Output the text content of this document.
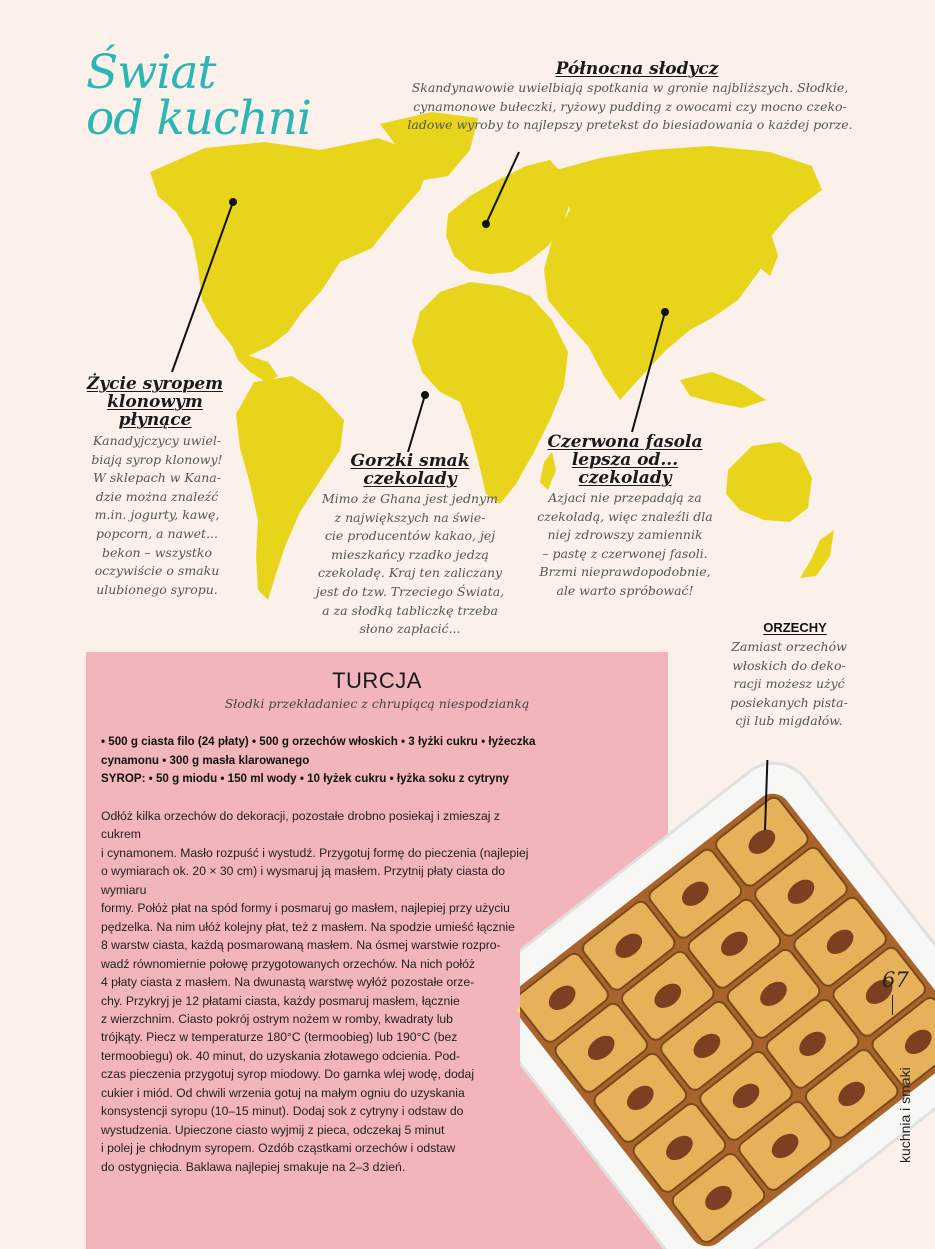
Świat
od kuchni
Północna słodycz
Skandynawowie uwielbiają spotkania w gronie najbliższych. Słodkie,
cynamonowe bułeczki, ryżowy pudding z owocami czy mocno czeko-
ladowe wyroby to najlepszy pretekst do biesiadowania o każdej porze.
Życie syropem
klonowym
płynące
Kanadyjczycy uwiel-
biają syrop klonowy!
W sklepach w Kana-
dzie można znaleźć
m.in. jogurty, kawę,
popcorn, a nawet...
bekon – wszystko
oczywiście o smaku
ulubionego syropu.
Gorzki smak
czekolady
Mimo że Ghana jest jednym
z największych na świe-
cie producentów kakao, jej
mieszkańcy rzadko jedzą
czekoladę. Kraj ten zaliczany
jest do tzw. Trzeciego Świata,
a za słodką tabliczkę trzeba
słono zapłacić...
Czerwona fasola
lepsza od...
czekolady
Azjaci nie przepadają za
czekoladą, więc znaleźli dla
niej zdrowszy zamiennik
– pastę z czerwonej fasoli.
Brzmi nieprawdopodobnie,
ale warto spróbować!
TURCJA
Słodki przekładaniec z chrupiącą niespodzianką

• 500 g ciasta filo (24 płaty) • 500 g orzechów włoskich • 3 łyżki cukru • łyżeczka

cynamonu • 300 g masła klarowanego

SYROP: • 50 g miodu • 150 ml wody • 10 łyżek cukru • łyżka soku z cytryny

Odłóż kilka orzechów do dekoracji, pozostałe drobno posiekaj i zmieszaj z cukrem
i cynamonem. Masło rozpuść i wystudź. Przygotuj formę do pieczenia (najlepiej
o wymiarach ok. 20 × 30 cm) i wysmaruj ją masłem. Przytnij płaty ciasta do wymiaru
formy. Połóż płat na spód formy i posmaruj go masłem, najlepiej przy użyciu
pędzelka. Na nim ułóż kolejny płat, też z masłem. Na spodzie umieść łącznie
8 warstw ciasta, każdą posmarowaną masłem. Na ósmej warstwie rozpro-
wadź równomiernie połowę przygotowanych orzechów. Na nich połóż
4 płaty ciasta z masłem. Na dwunastą warstwę wyłóż pozostałe orze-
chy. Przykryj je 12 płatami ciasta, każdy posmaruj masłem, łącznie
z wierzchnim. Ciasto pokrój ostrym nożem w romby, kwadraty lub
trójkąty. Piecz w temperaturze 180°C (termoobieg) lub 190°C (bez
termoobiegu) ok. 40 minut, do uzyskania złotawego odcienia. Pod-
czas pieczenia przygotuj syrop miodowy. Do garnka wlej wodę, dodaj
cukier i miód. Od chwili wrzenia gotuj na małym ogniu do uzyskania
konsystencji syropu (10–15 minut). Dodaj sok z cytryny i odstaw do
wystudzenia. Upieczone ciasto wyjmij z pieca, odczekaj 5 minut
i polej je chłodnym syropem. Ozdób cząstkami orzechów i odstaw
do ostygnięcia. Baklawa najlepiej smakuje na 2–3 dzień.
ORZECHY
Zamiast orzechów
włoskich do deko-
racji możesz użyć
posiekanych pista-
cji lub migdałów.
67
kuchnia i smaki
